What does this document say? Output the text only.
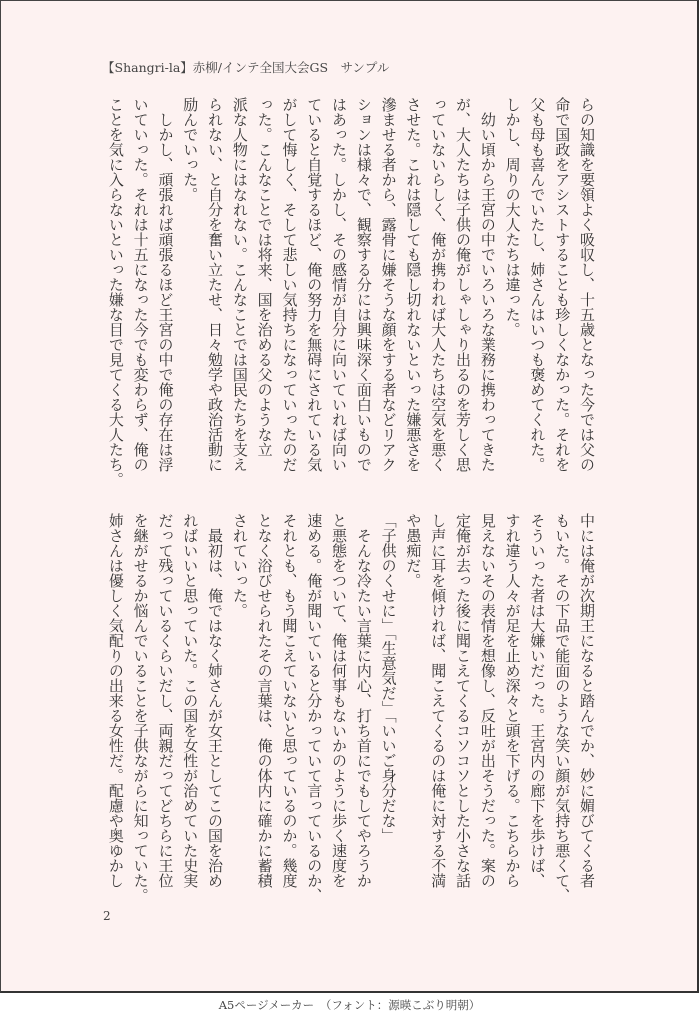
【Shangri-la】赤柳/インテ全国大会GS　サンプル
らの知識を要領よく吸収し、十五歳となった今では父の
命で国政をアシストすることも珍しくなかった。それを
父も母も喜んでいたし、姉さんはいつも褒めてくれた。
しかし、周りの大人たちは違った。
　幼い頃から王宮の中でいろいろな業務に携わってきた
が、大人たちは子供の俺がしゃしゃり出るのを芳しく思
っていないらしく、俺が携われば大人たちは空気を悪く
させた。これは隠しても隠し切れないといった嫌悪さを
滲ませる者から、露骨に嫌そうな顔をする者などリアク
ションは様々で、観察する分には興味深く面白いもので
はあった。しかし、その感情が自分に向いていれば向い
ていると自覚するほど、俺の努力を無碍にされている気
がして悔しく、そして悲しい気持ちになっていったのだ
った。こんなことでは将来、国を治める父のような立
派な人物にはなれない。こんなことでは国民たちを支え
られない、と自分を奮い立たせ、日々勉学や政治活動に
励んでいった。
　しかし、頑張れば頑張るほど王宮の中で俺の存在は浮
いていった。それは十五になった今でも変わらず、俺の
ことを気に入らないといった嫌な目で見てくる大人たち。
中には俺が次期王になると踏んでか、妙に媚びてくる者
もいた。その下品で能面のような笑い顔が気持ち悪くて、
そういった者は大嫌いだった。王宮内の廊下を歩けば、
すれ違う人々が足を止め深々と頭を下げる。こちらから
見えないその表情を想像し、反吐が出そうだった。案の
定俺が去った後に聞こえてくるコソコソとした小さな話
し声に耳を傾ければ、聞こえてくるのは俺に対する不満
や愚痴だ。
「子供のくせに」「生意気だ」「いいご身分だな」
　そんな冷たい言葉に内心、打ち首にでもしてやろうか
と悪態をついて、俺は何事もないかのように歩く速度を
速める。俺が聞いていると分かっていて言っているのか、
それとも、もう聞こえていないと思っているのか。幾度
となく浴びせられたその言葉は、俺の体内に確かに蓄積
されていった。
　最初は、俺ではなく姉さんが女王としてこの国を治め
ればいいと思っていた。この国を女性が治めていた史実
だって残っているくらいだし、両親だってどちらに王位
を継がせるか悩んでいることを子供ながらに知っていた。
姉さんは優しく気配りの出来る女性だ。配慮や奥ゆかし
2
A5ページメーカー　（フォント：源暎こぶり明朝）
